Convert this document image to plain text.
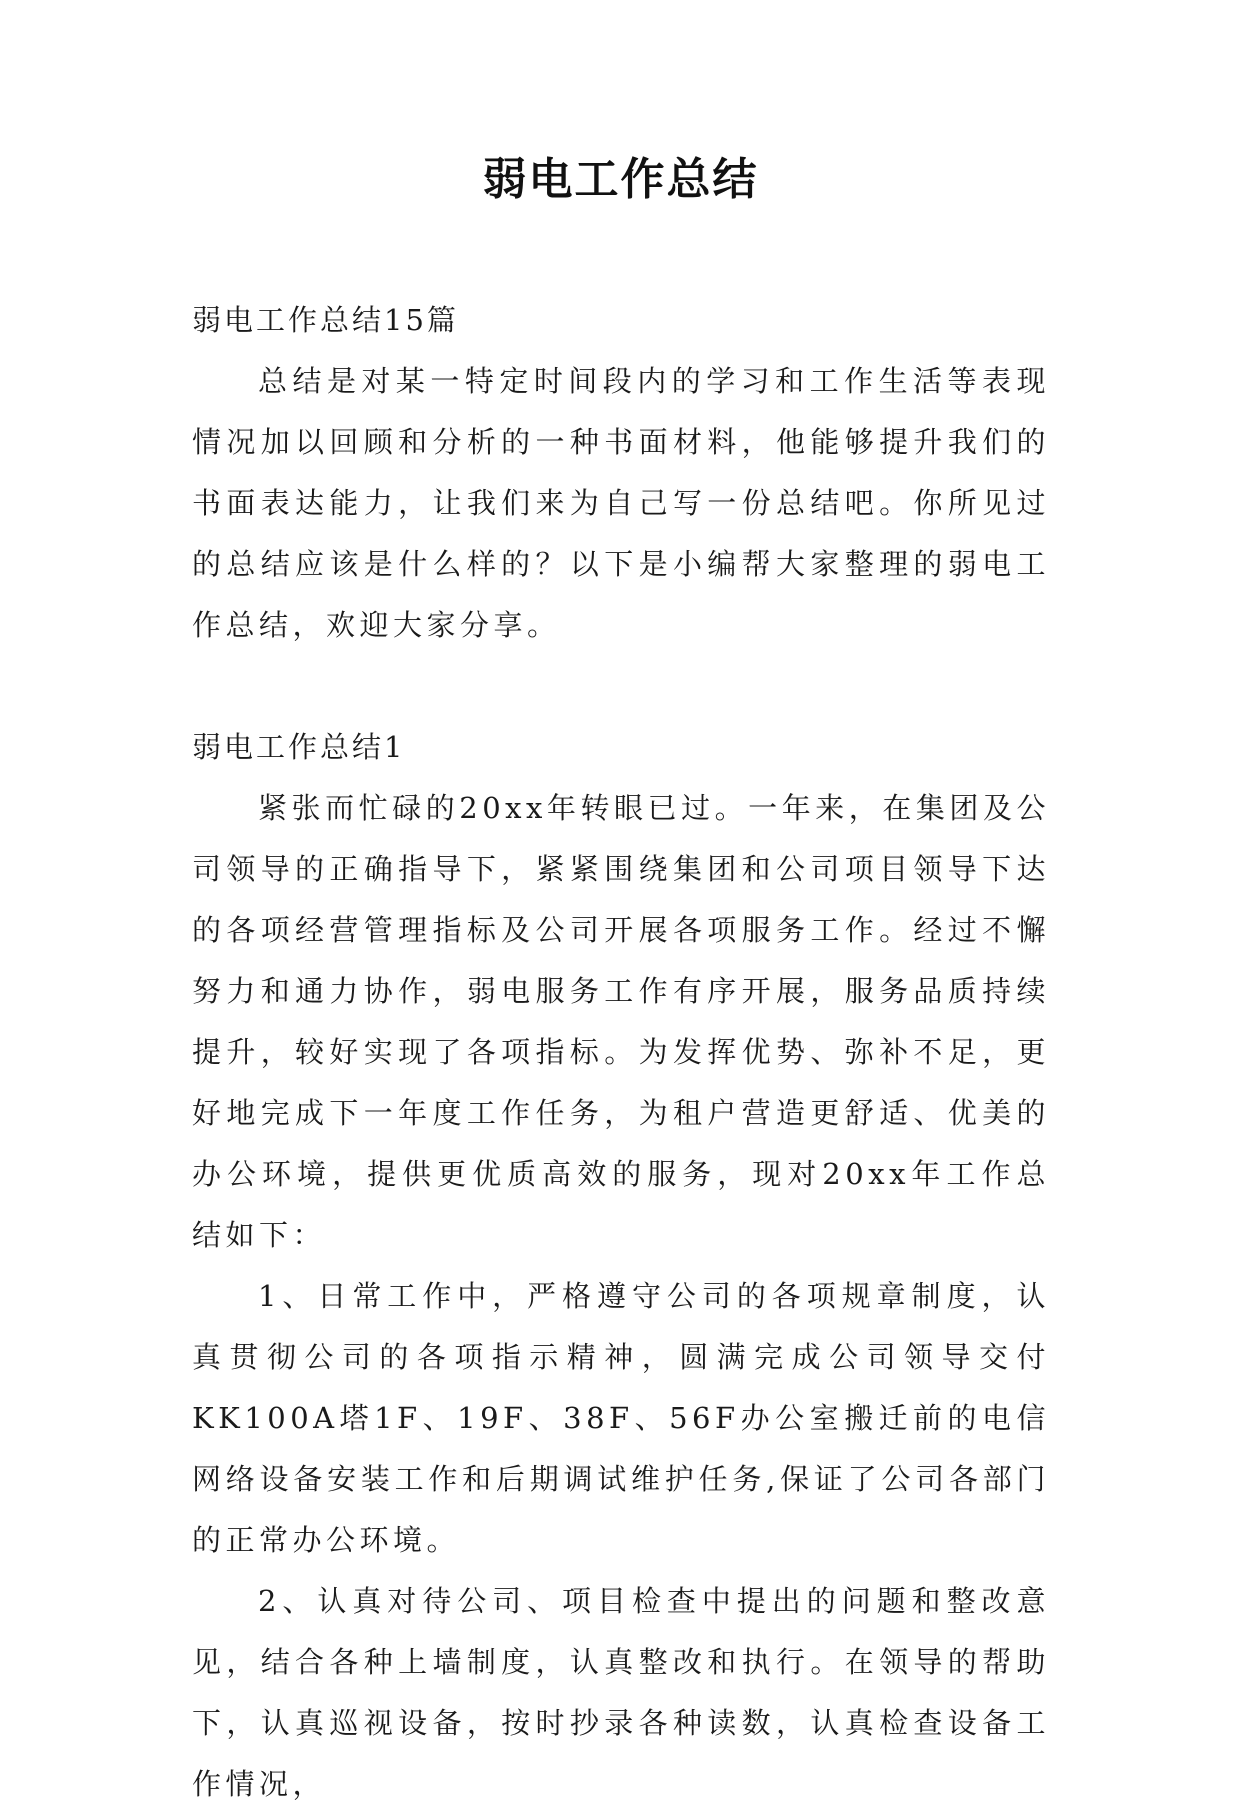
弱电工作总结

弱电工作总结15篇

总结是对某一特定时间段内的学习和工作生活等表现情况加以回顾和分析的一种书面材料，他能够提升我们的书面表达能力，让我们来为自己写一份总结吧。你所见过的总结应该是什么样的？以下是小编帮大家整理的弱电工作总结，欢迎大家分享。

弱电工作总结1

紧张而忙碌的20xx年转眼已过。一年来，在集团及公司领导的正确指导下，紧紧围绕集团和公司项目领导下达的各项经营管理指标及公司开展各项服务工作。经过不懈努力和通力协作，弱电服务工作有序开展，服务品质持续提升，较好实现了各项指标。为发挥优势、弥补不足，更好地完成下一年度工作任务，为租户营造更舒适、优美的办公环境，提供更优质高效的服务，现对20xx年工作总结如下：

1、日常工作中，严格遵守公司的各项规章制度，认真贯彻公司的各项指示精神，圆满完成公司领导交付KK100A塔1F、19F、38F、56F办公室搬迁前的电信网络设备安装工作和后期调试维护任务,保证了公司各部门的正常办公环境。

2、认真对待公司、项目检查中提出的问题和整改意见，结合各种上墙制度，认真整改和执行。在领导的帮助下，认真巡视设备，按时抄录各种读数，认真检查设备工作情况，
